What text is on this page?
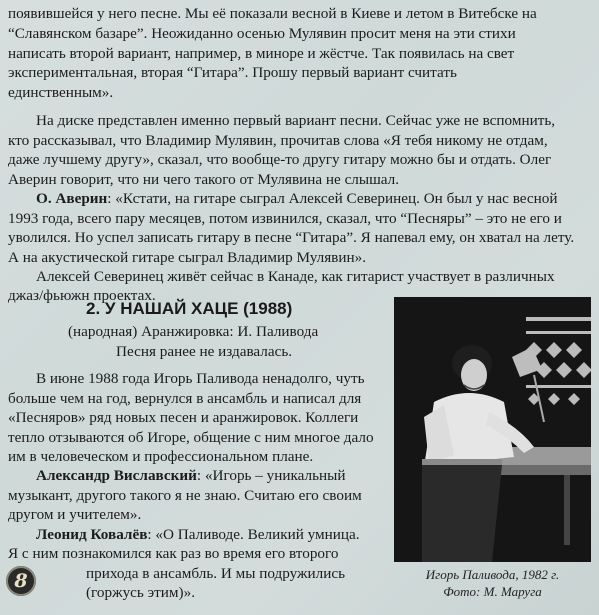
появившейся у него песне. Мы её показали весной в Киеве и летом в Витебске на
“Славянском базаре”. Неожиданно осенью Мулявин просит меня на эти стихи
написать второй вариант, например, в миноре и жёстче. Так появилась на свет
экспериментальная, вторая “Гитара”. Прошу первый вариант считать
единственным».
На диске представлен именно первый вариант песни. Сейчас уже не вспомнить,
кто рассказывал, что Владимир Мулявин, прочитав слова «Я тебя никому не отдам,
даже лучшему другу», сказал, что вообще-то другу гитару можно бы и отдать. Олег
Аверин говорит, что ни чего такого от Мулявина не слышал.
О. Аверин: «Кстати, на гитаре сыграл Алексей Северинец. Он был у нас весной
1993 года, всего пару месяцев, потом извинился, сказал, что “Песняры” – это не его и
уволился. Но успел записать гитару в песне “Гитара”. Я напевал ему, он хватал на лету.
А на акустической гитаре сыграл Владимир Мулявин».
Алексей Северинец живёт сейчас в Канаде, как гитарист участвует в различных
джаз/фьюжн проектах.
2. У НАШАЙ ХАЦЕ (1988)
(народная) Аранжировка: И. Паливода
Песня ранее не издавалась.
В июне 1988 года Игорь Паливода ненадолго, чуть
больше чем на год, вернулся в ансамбль и написал для
«Песняров» ряд новых песен и аранжировок. Коллеги
тепло отзываются об Игоре, общение с ним многое дало
им в человеческом и профессиональном плане.
Александр Виславский: «Игорь – уникальный
музыкант, другого такого я не знаю. Считаю его своим
другом и учителем».
Леонид Ковалёв: «О Паливоде. Великий умница.
Я с ним познакомился как раз во время его второго
прихода в ансамбль. И мы подружились
(горжусь этим)».
8	Игорь Паливода, 1982 г.
Фото: М. Маруга
